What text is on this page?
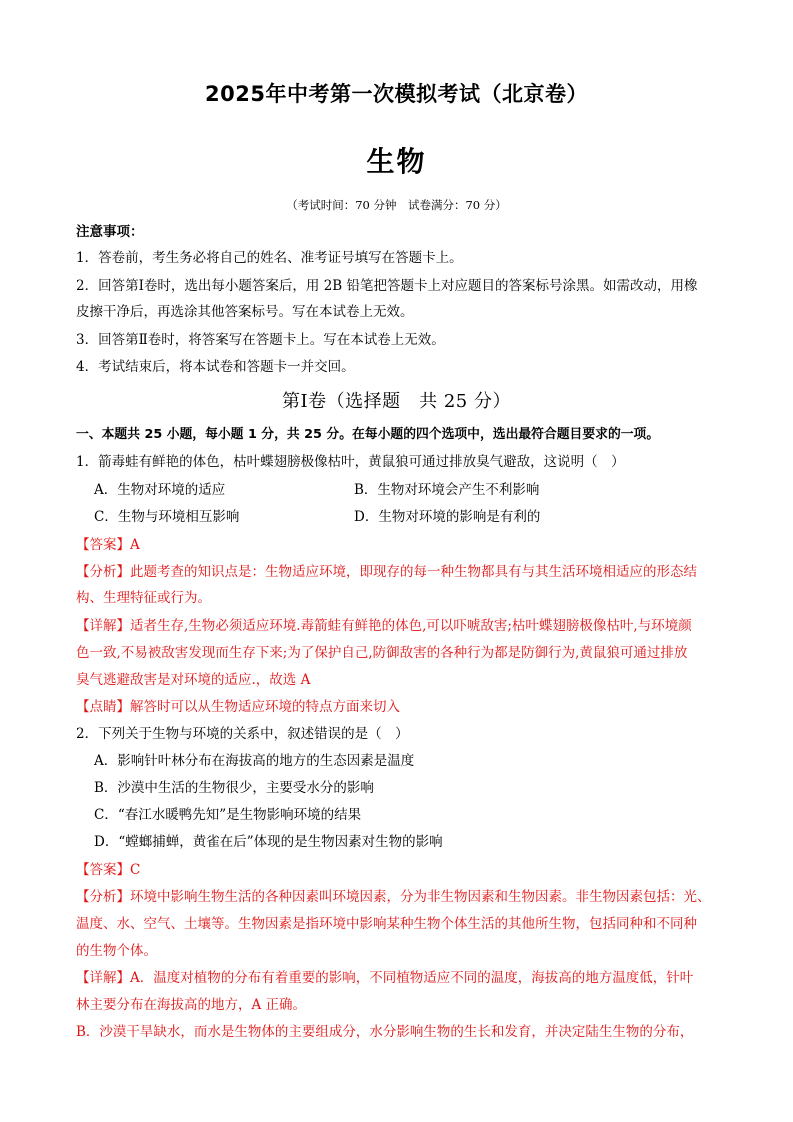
2025年中考第一次模拟考试（北京卷）
生物
（考试时间：70 分钟　试卷满分：70 分）
注意事项：
1．答卷前，考生务必将自己的姓名、准考证号填写在答题卡上。
2．回答第Ⅰ卷时，选出每小题答案后，用 2B 铅笔把答题卡上对应题目的答案标号涂黑。如需改动，用橡
皮擦干净后，再选涂其他答案标号。写在本试卷上无效。
3．回答第Ⅱ卷时，将答案写在答题卡上。写在本试卷上无效。
4．考试结束后，将本试卷和答题卡一并交回。
第Ⅰ卷（选择题　共 25 分）
一、本题共 25 小题，每小题 1 分，共 25 分。在每小题的四个选项中，选出最符合题目要求的一项。
1．箭毒蛙有鲜艳的体色，枯叶蝶翅膀极像枯叶，黄鼠狼可通过排放臭气避敌，这说明（　）
A．生物对环境的适应	B．生物对环境会产生不利影响
C．生物与环境相互影响	D．生物对环境的影响是有利的
【答案】A
【分析】此题考查的知识点是：生物适应环境，即现存的每一种生物都具有与其生活环境相适应的形态结
构、生理特征或行为。
【详解】适者生存,生物必须适应环境.毒箭蛙有鲜艳的体色,可以吓唬敌害;枯叶蝶翅膀极像枯叶,与环境颜
色一致,不易被敌害发现而生存下来;为了保护自己,防御敌害的各种行为都是防御行为,黄鼠狼可通过排放
臭气逃避敌害是对环境的适应.，故选 A
【点睛】解答时可以从生物适应环境的特点方面来切入
2．下列关于生物与环境的关系中，叙述错误的是（　）
A．影响针叶林分布在海拔高的地方的生态因素是温度
B．沙漠中生活的生物很少，主要受水分的影响
C．“春江水暖鸭先知”是生物影响环境的结果
D．“螳螂捕蝉，黄雀在后”体现的是生物因素对生物的影响
【答案】C
【分析】环境中影响生物生活的各种因素叫环境因素，分为非生物因素和生物因素。非生物因素包括：光、
温度、水、空气、土壤等。生物因素是指环境中影响某种生物个体生活的其他所生物，包括同种和不同种
的生物个体。
【详解】A．温度对植物的分布有着重要的影响，不同植物适应不同的温度，海拔高的地方温度低，针叶
林主要分布在海拔高的地方，A 正确。
B．沙漠干旱缺水，而水是生物体的主要组成分，水分影响生物的生长和发育，并决定陆生生物的分布，
